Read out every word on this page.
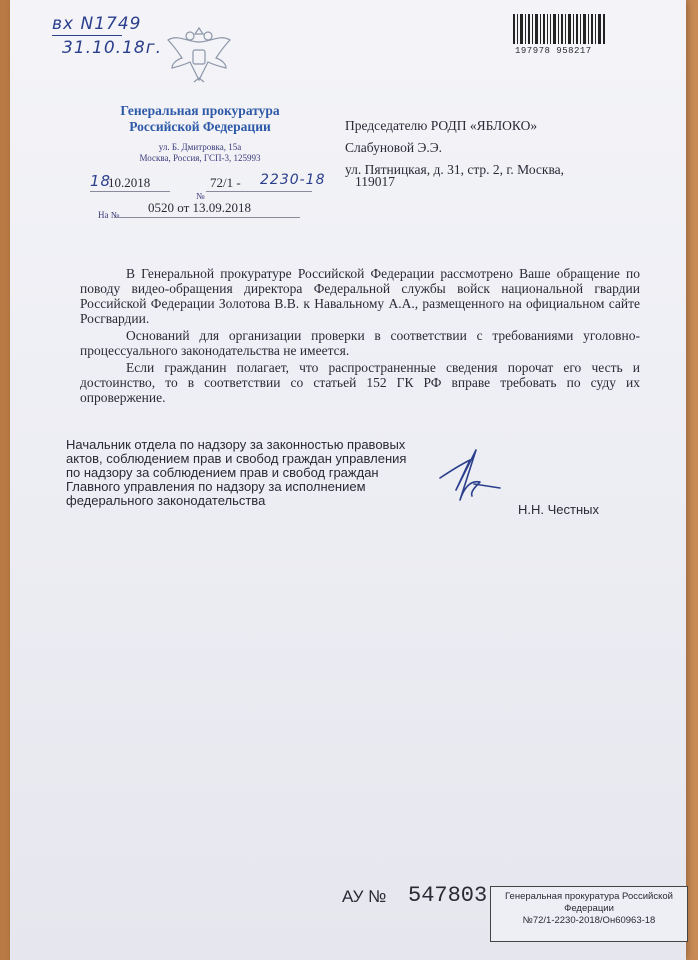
вх N1749
31.10.18г.
Генеральная прокуратура
Российской Федерации
ул. Б. Дмитровка, 15а
Москва, Россия, ГСП-3, 125993
18
10.2018	72/1 - 2230-18
№
На № 0520 от 13.09.2018
197978 958217
Председателю РОДП «ЯБЛОКО»
Слабуновой Э.Э.
ул. Пятницкая, д. 31, стр. 2, г. Москва,
119017

В Генеральной прокуратуре Российской Федерации рассмотрено Ваше обращение по поводу видео-обращения директора Федеральной службы войск национальной гвардии Российской Федерации Золотова В.В. к Навальному А.А., размещенного на официальном сайте Росгвардии.

Оснований для организации проверки в соответствии с требованиями уголовно-процессуального законодательства не имеется.

Если гражданин полагает, что распространенные сведения порочат его честь и достоинство, то в соответствии со статьей 152 ГК РФ вправе требовать по суду их опровержение.

Начальник отдела по надзору за законностью правовых актов, соблюдением прав и свобод граждан управления по надзору за соблюдением прав и свобод граждан Главного управления по надзору за исполнением федерального законодательства
Н.Н. Честных
АУ № 547803	Генеральная прокуратура Российской
Федерации
№72/1-2230-2018/Он60963-18
